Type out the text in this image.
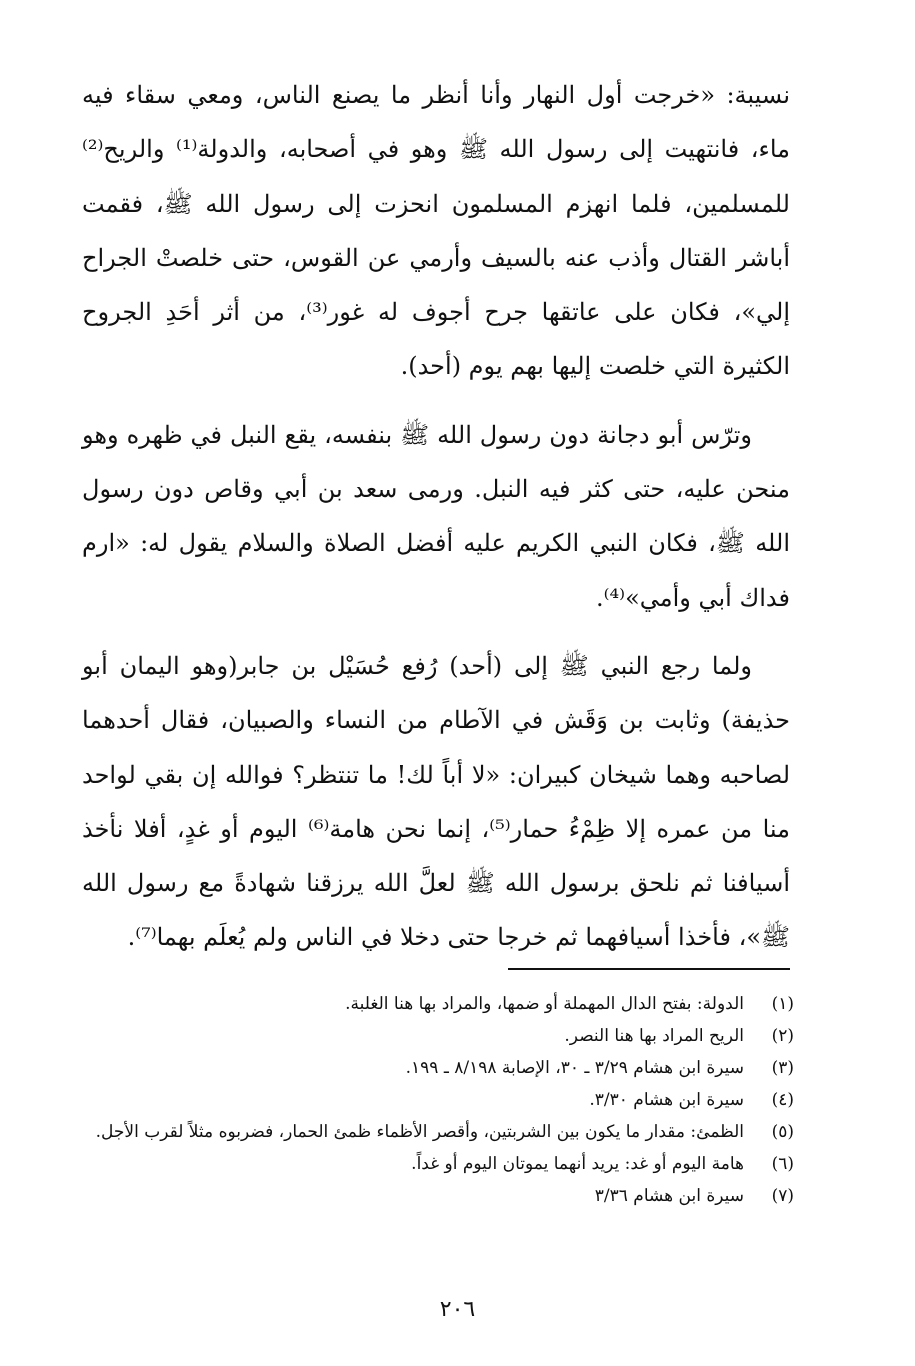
نسيبة: «خرجت أول النهار وأنا أنظر ما يصنع الناس، ومعي سقاء فيه ماء، فانتهيت إلى رسول الله ﷺ وهو في أصحابه، والدولة⁽¹⁾ والريح⁽²⁾ للمسلمين، فلما انهزم المسلمون انحزت إلى رسول الله ﷺ، فقمت أباشر القتال وأذب عنه بالسيف وأرمي عن القوس، حتى خلصتْ الجراح إلي»، فكان على عاتقها جرح أجوف له غور⁽³⁾، من أثر أحَدِ الجروح الكثيرة التي خلصت إليها بهم يوم (أحد).

وترّس أبو دجانة دون رسول الله ﷺ بنفسه، يقع النبل في ظهره وهو منحن عليه، حتى كثر فيه النبل. ورمى سعد بن أبي وقاص دون رسول الله ﷺ، فكان النبي الكريم عليه أفضل الصلاة والسلام يقول له: «ارم فداك أبي وأمي»⁽⁴⁾.

ولما رجع النبي ﷺ إلى (أحد) رُفع حُسَيْل بن جابر(وهو اليمان أبو حذيفة) وثابت بن وَقَش في الآطام من النساء والصبيان، فقال أحدهما لصاحبه وهما شيخان كبيران: «لا أباً لك! ما تنتظر؟ فوالله إن بقي لواحد منا من عمره إلا ظِمْءُ حمار⁽⁵⁾، إنما نحن هامة⁽⁶⁾ اليوم أو غدٍ، أفلا نأخذ أسيافنا ثم نلحق برسول الله ﷺ لعلَّ الله يرزقنا شهادةً مع رسول الله ﷺ»، فأخذا أسيافهما ثم خرجا حتى دخلا في الناس ولم يُعلَم بهما⁽⁷⁾.

(١)
الدولة: بفتح الدال المهملة أو ضمها، والمراد بها هنا الغلبة.
(٢)
الريح المراد بها هنا النصر.
(٣)
سيرة ابن هشام ٣/٢٩ ـ ٣٠، الإصابة ٨/١٩٨ ـ ١٩٩.
(٤)
سيرة ابن هشام ٣/٣٠.
(٥)
الظمئ: مقدار ما يكون بين الشربتين، وأقصر الأظماء ظمئ الحمار، فضربوه مثلاً لقرب الأجل.
(٦)
هامة اليوم أو غد: يريد أنهما يموتان اليوم أو غداً.
(٧)
سيرة ابن هشام ٣/٣٦
٢٠٦
